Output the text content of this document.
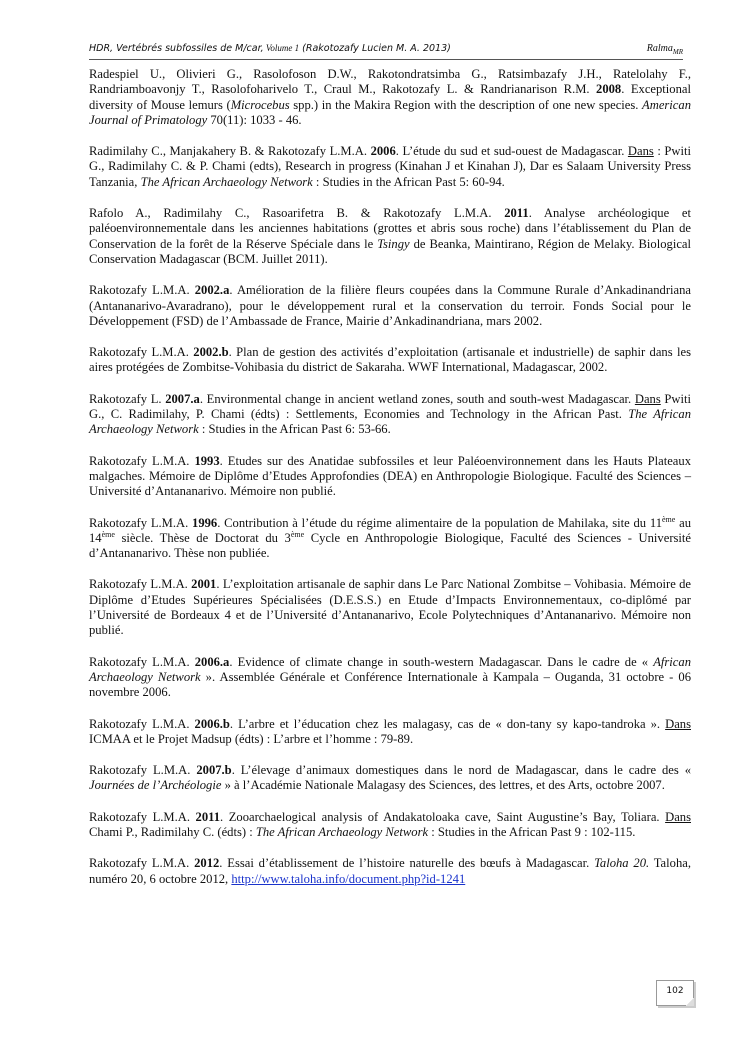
HDR, Vertébrés subfossiles de M/car, Volume 1 (Rakotozafy Lucien M. A. 2013)	Ralma$_{MR}$

Radespiel U., Olivieri G., Rasolofoson D.W., Rakotondratsimba G., Ratsimbazafy J.H., Ratelolahy F., Randriamboavonjy T., Rasolofoharivelo T., Craul M., Rakotozafy L. & Randrianarison R.M. 2008. Exceptional diversity of Mouse lemurs (Microcebus spp.) in the Makira Region with the description of one new species. American Journal of Primatology 70(11): 1033 - 46.

Radimilahy C., Manjakahery B. & Rakotozafy L.M.A. 2006. L’étude du sud et sud-ouest de Madagascar. Dans : Pwiti G., Radimilahy C. & P. Chami (edts), Research in progress (Kinahan J et Kinahan J), Dar es Salaam University Press Tanzania, The African Archaeology Network : Studies in the African Past 5: 60-94.

Rafolo A., Radimilahy C., Rasoarifetra B. & Rakotozafy L.M.A. 2011. Analyse archéologique et paléoenvironnementale dans les anciennes habitations (grottes et abris sous roche) dans l’établissement du Plan de Conservation de la forêt de la Réserve Spéciale dans le Tsingy de Beanka, Maintirano, Région de Melaky. Biological Conservation Madagascar (BCM. Juillet 2011).

Rakotozafy L.M.A. 2002.a. Amélioration de la filière fleurs coupées dans la Commune Rurale d’Ankadinandriana (Antananarivo-Avaradrano), pour le développement rural et la conservation du terroir. Fonds Social pour le Développement (FSD) de l’Ambassade de France, Mairie d’Ankadinandriana, mars 2002.

Rakotozafy L.M.A. 2002.b. Plan de gestion des activités d’exploitation (artisanale et industrielle) de saphir dans les aires protégées de Zombitse-Vohibasia du district de Sakaraha. WWF International, Madagascar, 2002.

Rakotozafy L. 2007.a. Environmental change in ancient wetland zones, south and south-west Madagascar. Dans Pwiti G., C. Radimilahy, P. Chami (édts) : Settlements, Economies and Technology in the African Past. The African Archaeology Network : Studies in the African Past 6: 53-66.

Rakotozafy L.M.A. 1993. Etudes sur des Anatidae subfossiles et leur Paléoenvironnement dans les Hauts Plateaux malgaches. Mémoire de Diplôme d’Etudes Approfondies (DEA) en Anthropologie Biologique. Faculté des Sciences – Université d’Antananarivo. Mémoire non publié.

Rakotozafy L.M.A. 1996. Contribution à l’étude du régime alimentaire de la population de Mahilaka, site du 11ème au 14ème siècle. Thèse de Doctorat du 3ème Cycle en Anthropologie Biologique, Faculté des Sciences - Université d’Antananarivo. Thèse non publiée.

Rakotozafy L.M.A. 2001. L’exploitation artisanale de saphir dans Le Parc National Zombitse – Vohibasia. Mémoire de Diplôme d’Etudes Supérieures Spécialisées (D.E.S.S.) en Etude d’Impacts Environnementaux, co-diplômé par l’Université de Bordeaux 4 et de l’Université d’Antananarivo, Ecole Polytechniques d’Antananarivo. Mémoire non publié.

Rakotozafy L.M.A. 2006.a. Evidence of climate change in south-western Madagascar. Dans le cadre de « African Archaeology Network ». Assemblée Générale et Conférence Internationale à Kampala – Ouganda, 31 octobre - 06 novembre 2006.

Rakotozafy L.M.A. 2006.b. L’arbre et l’éducation chez les malagasy, cas de « don-tany sy kapo-tandroka ». Dans ICMAA et le Projet Madsup (édts) : L’arbre et l’homme : 79-89.

Rakotozafy L.M.A. 2007.b. L’élevage d’animaux domestiques dans le nord de Madagascar, dans le cadre des « Journées de l’Archéologie » à l’Académie Nationale Malagasy des Sciences, des lettres, et des Arts, octobre 2007.

Rakotozafy L.M.A. 2011. Zooarchaelogical analysis of Andakatoloaka cave, Saint Augustine’s Bay, Toliara. Dans Chami P., Radimilahy C. (édts) : The African Archaeology Network : Studies in the African Past 9 : 102-115.

Rakotozafy L.M.A. 2012. Essai d’établissement de l’histoire naturelle des bœufs à Madagascar. Taloha 20. Taloha, numéro 20, 6 octobre 2012, http://www.taloha.info/document.php?id-1241

102
